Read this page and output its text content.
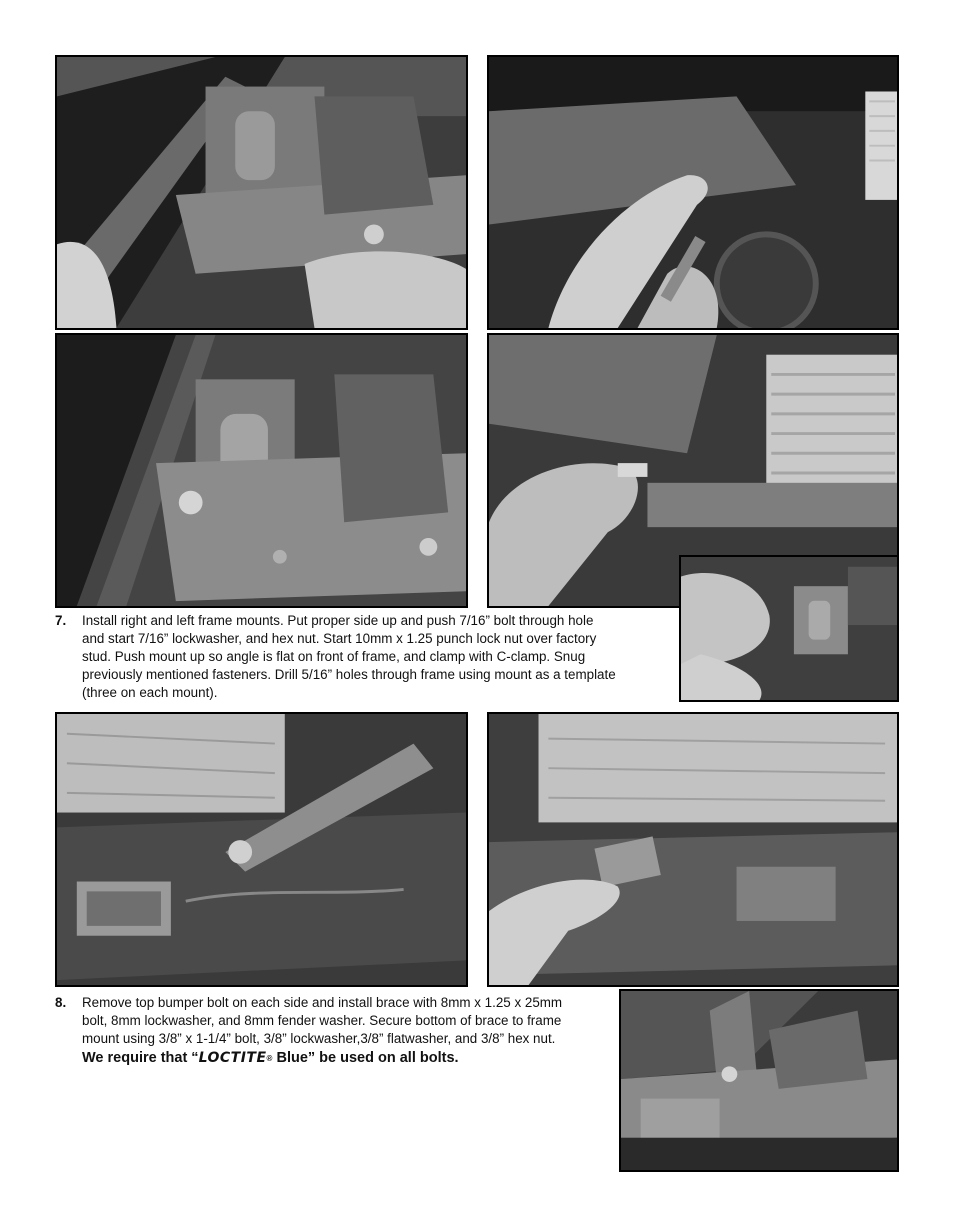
7. Install right and left frame mounts. Put proper side up and push 7/16” bolt through hole
and start 7/16” lockwasher, and hex nut. Start 10mm x 1.25 punch lock nut over factory
stud. Push mount up so angle is flat on front of frame, and clamp with C-clamp. Snug
previously mentioned fasteners. Drill 5/16” holes through frame using mount as a template
(three on each mount).
8. Remove top bumper bolt on each side and install brace with 8mm x 1.25 x 25mm
bolt, 8mm lockwasher, and 8mm fender washer. Secure bottom of brace to frame
mount using 3/8” x 1-1/4” bolt, 3/8” lockwasher,3/8” flatwasher, and 3/8” hex nut.
We require that “LOCTITE® Blue” be used on all bolts.
